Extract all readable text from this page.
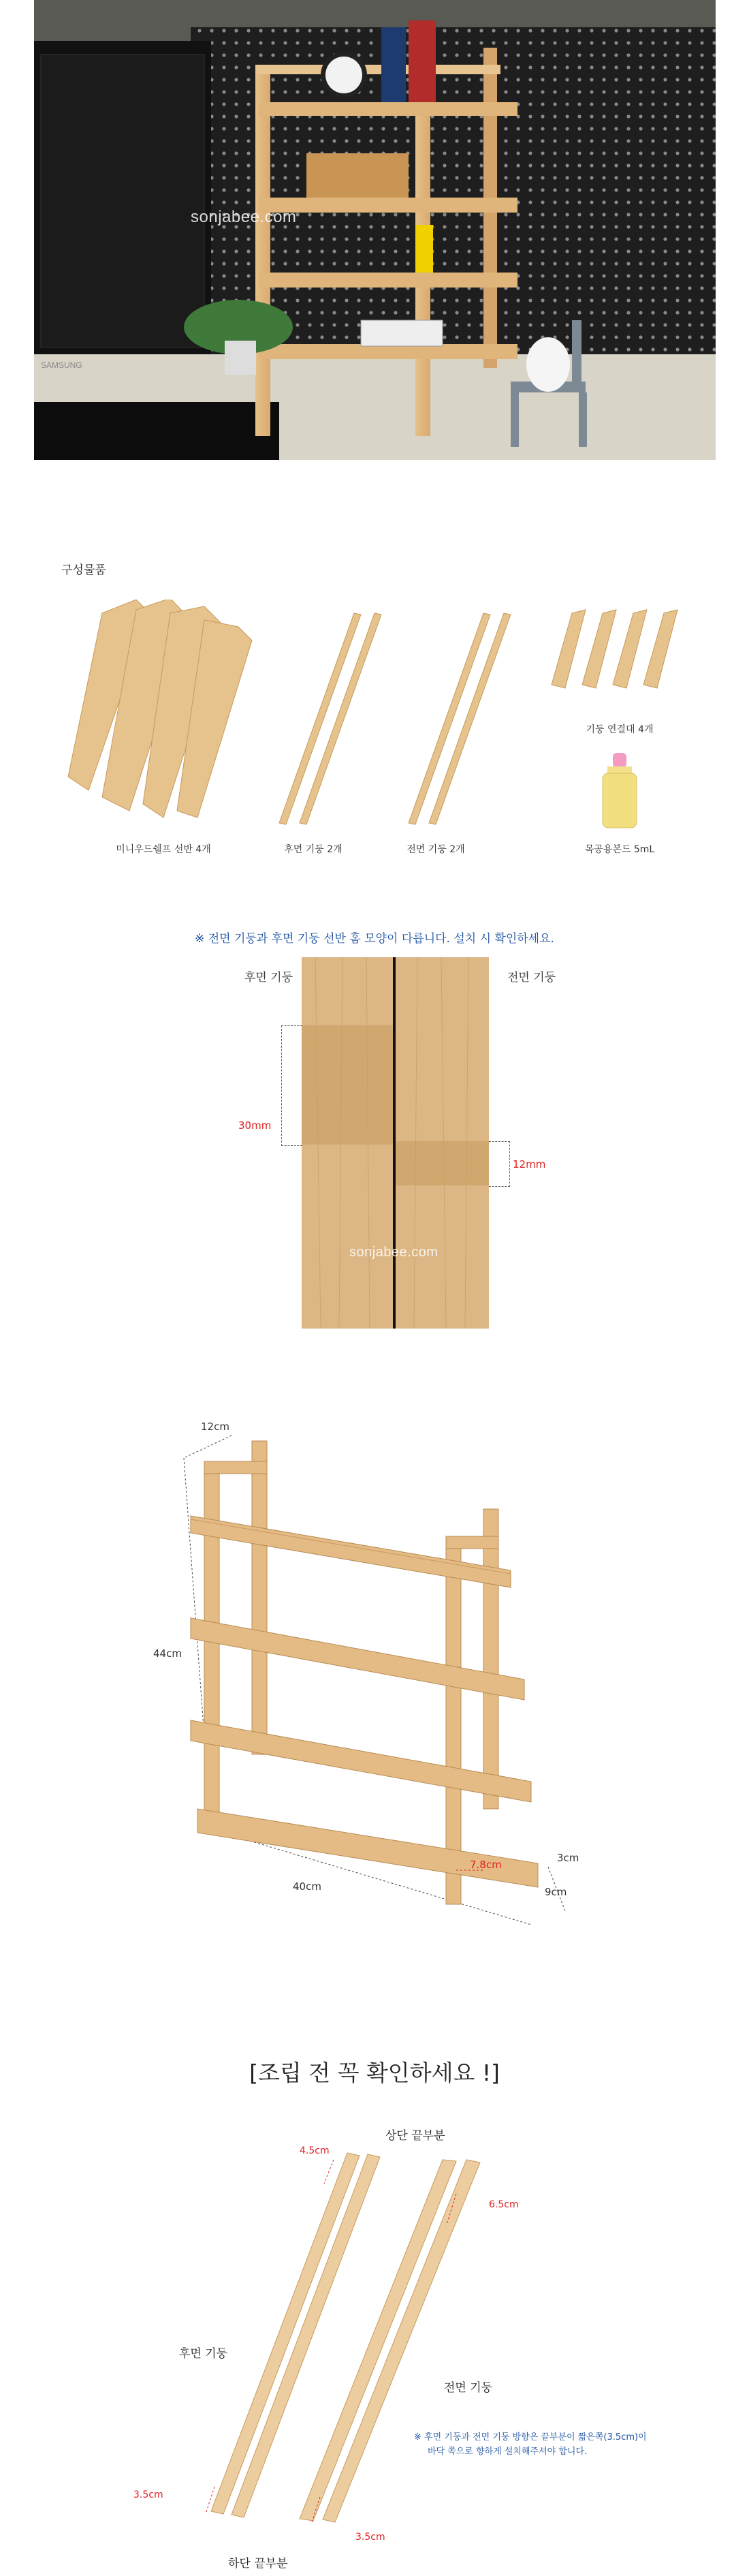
SAMSUNG
sonjabee.com
구성물품
미니우드쉘프 선반 4개	후면 기둥 2개	전면 기둥 2개
기둥 연결대 4개
목공용본드 5mL
※ 전면 기둥과 후면 기둥 선반 홈 모양이 다릅니다. 설치 시 확인하세요.
후면 기둥	전면 기둥
sonjabee.com
30mm
12mm
12cm
44cm
40cm
7.8cm
3cm
9cm
sonjabee.com
[조립 전 꼭 확인하세요 !]
상단 끝부분
4.5cm
6.5cm
3.5cm
3.5cm
후면 기둥
전면 기둥
하단 끝부분
※ 후면 기둥과 전면 기둥 방향은 끝부분이 짧은쪽(3.5cm)이
바닥 쪽으로 향하게 설치해주셔야 합니다.
